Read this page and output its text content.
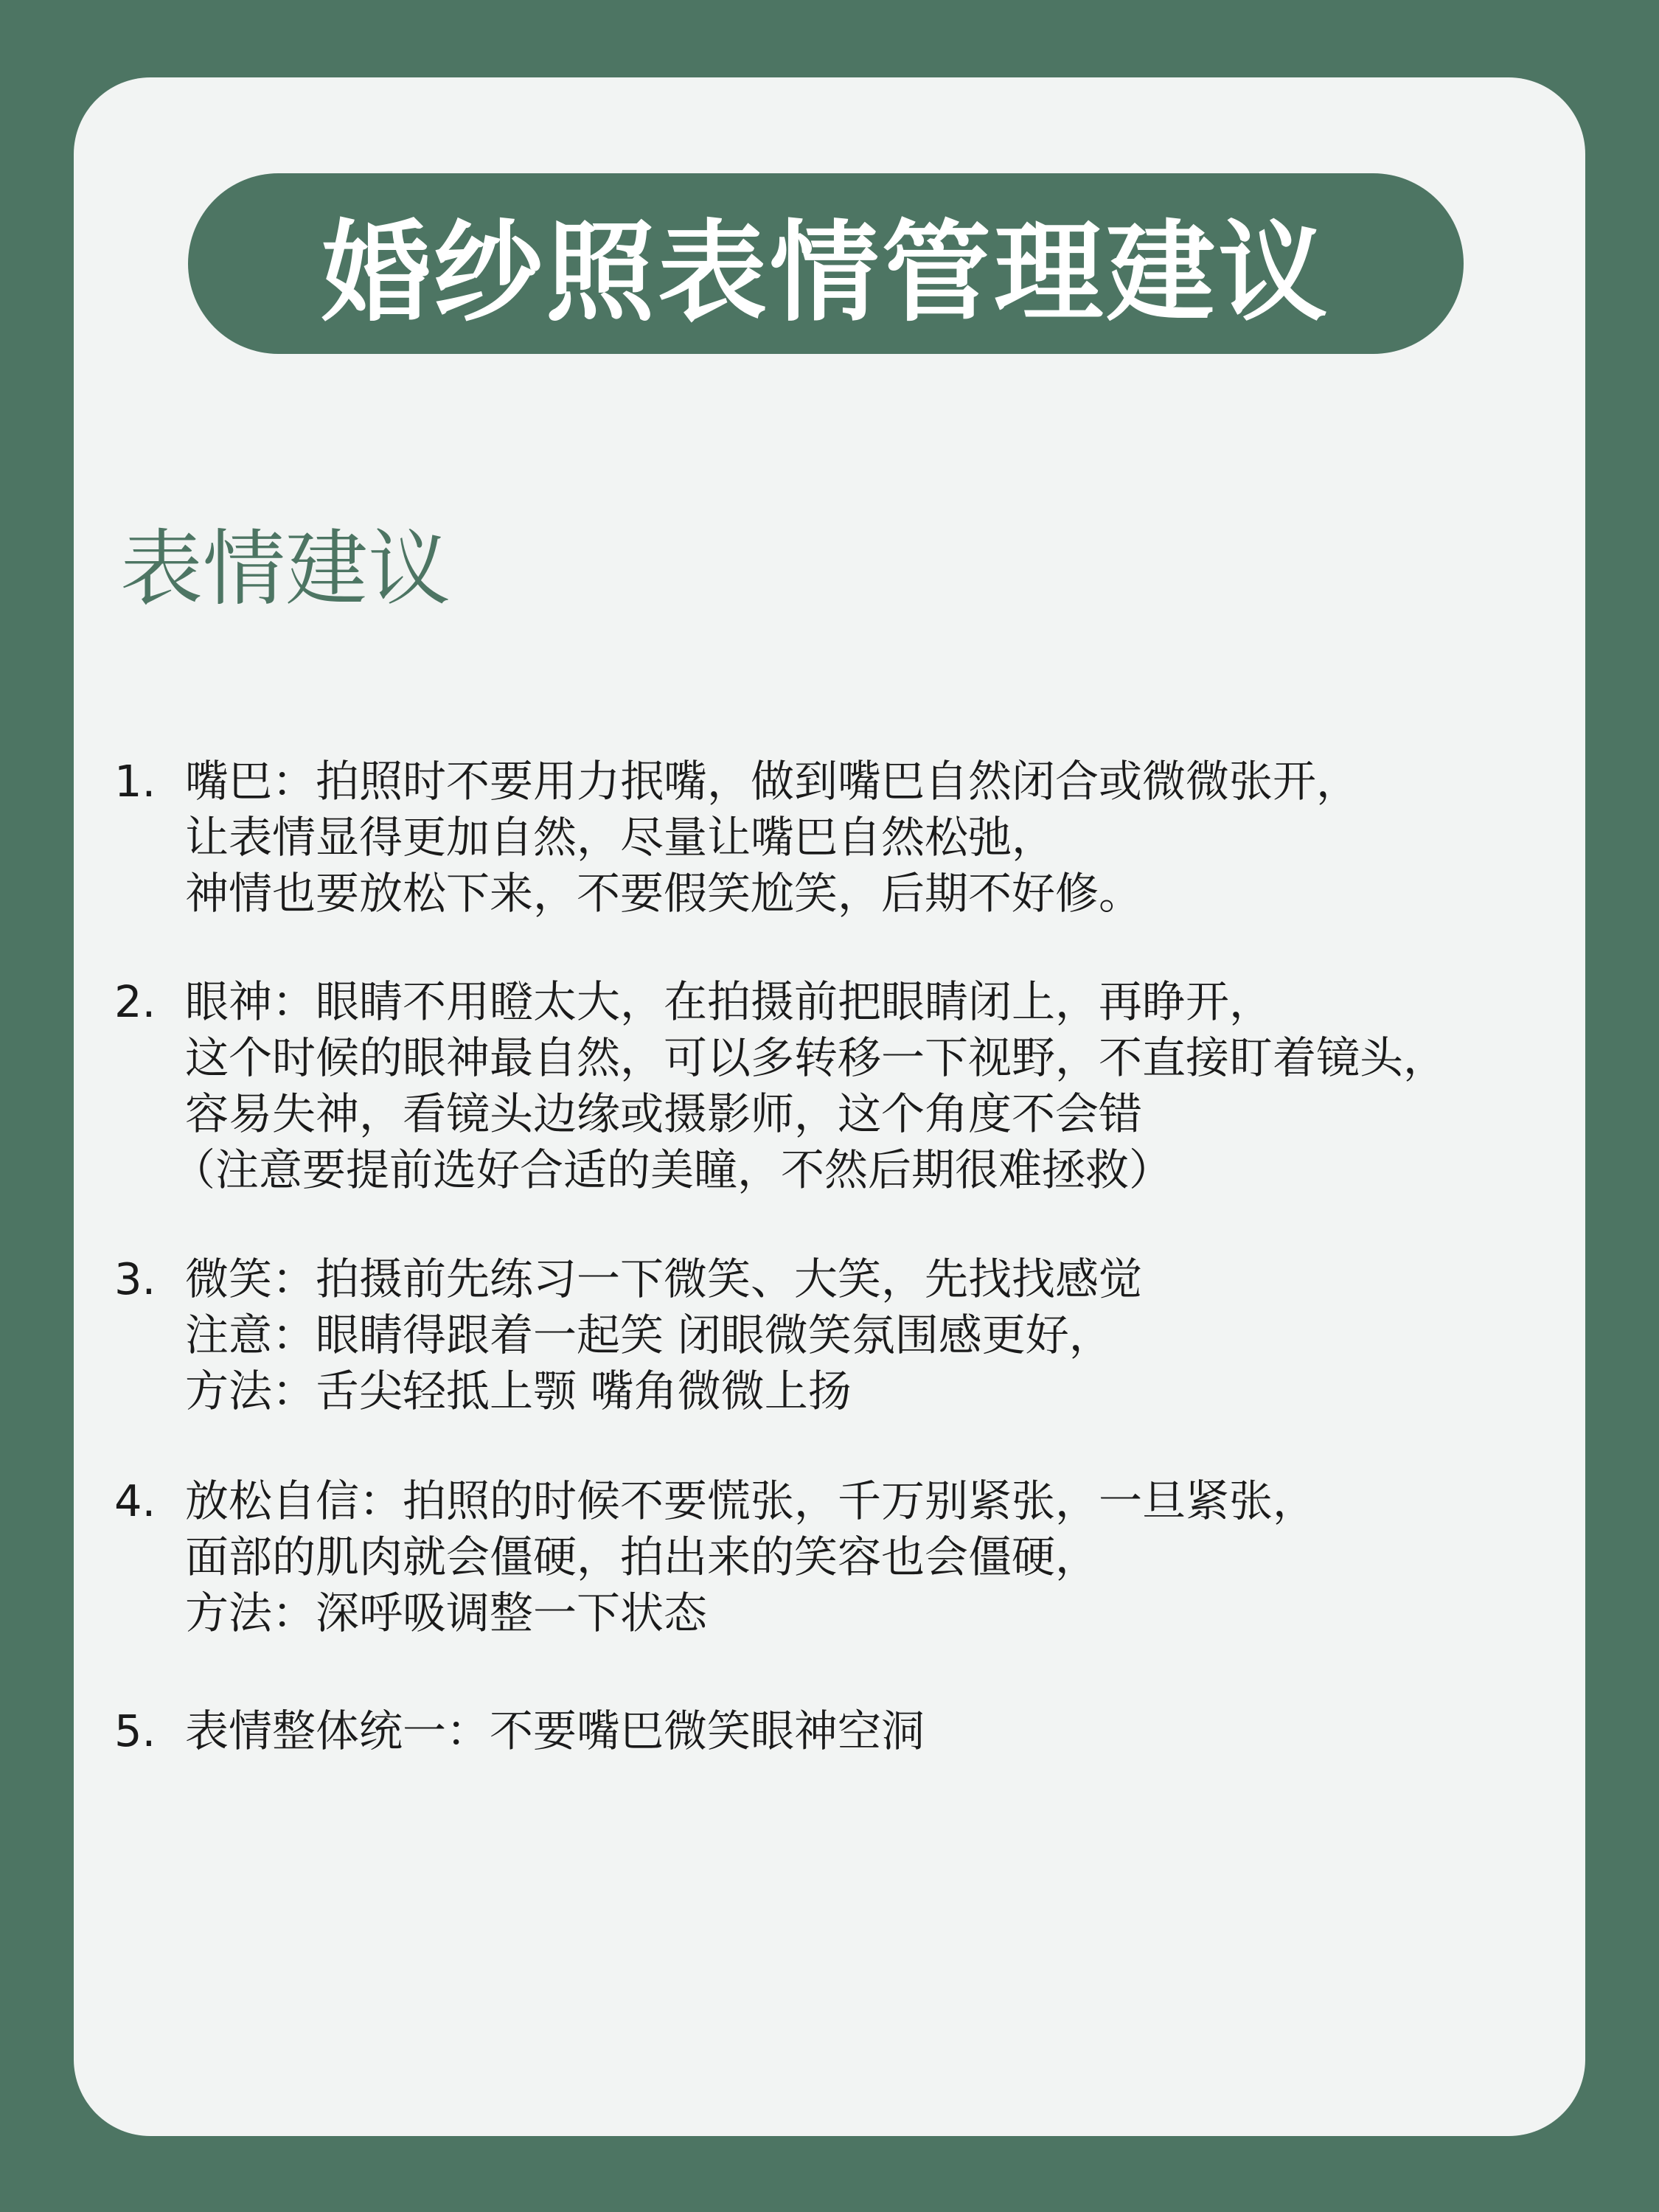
婚纱照表情管理建议
表情建议
1. 嘴巴：拍照时不要用力抿嘴，做到嘴巴自然闭合或微微张开，
让表情显得更加自然，尽量让嘴巴自然松弛，
神情也要放松下来，不要假笑尬笑，后期不好修。
2. 眼神：眼睛不用瞪太大，在拍摄前把眼睛闭上，再睁开，
这个时候的眼神最自然，可以多转移一下视野，不直接盯着镜头，
容易失神，看镜头边缘或摄影师，这个角度不会错
（注意要提前选好合适的美瞳，不然后期很难拯救）
3. 微笑：拍摄前先练习一下微笑、大笑，先找找感觉
注意：眼睛得跟着一起笑 闭眼微笑氛围感更好，
方法：舌尖轻抵上颚 嘴角微微上扬
4. 放松自信：拍照的时候不要慌张，千万别紧张，一旦紧张，
面部的肌肉就会僵硬，拍出来的笑容也会僵硬，
方法：深呼吸调整一下状态
5. 表情整体统一：不要嘴巴微笑眼神空洞
